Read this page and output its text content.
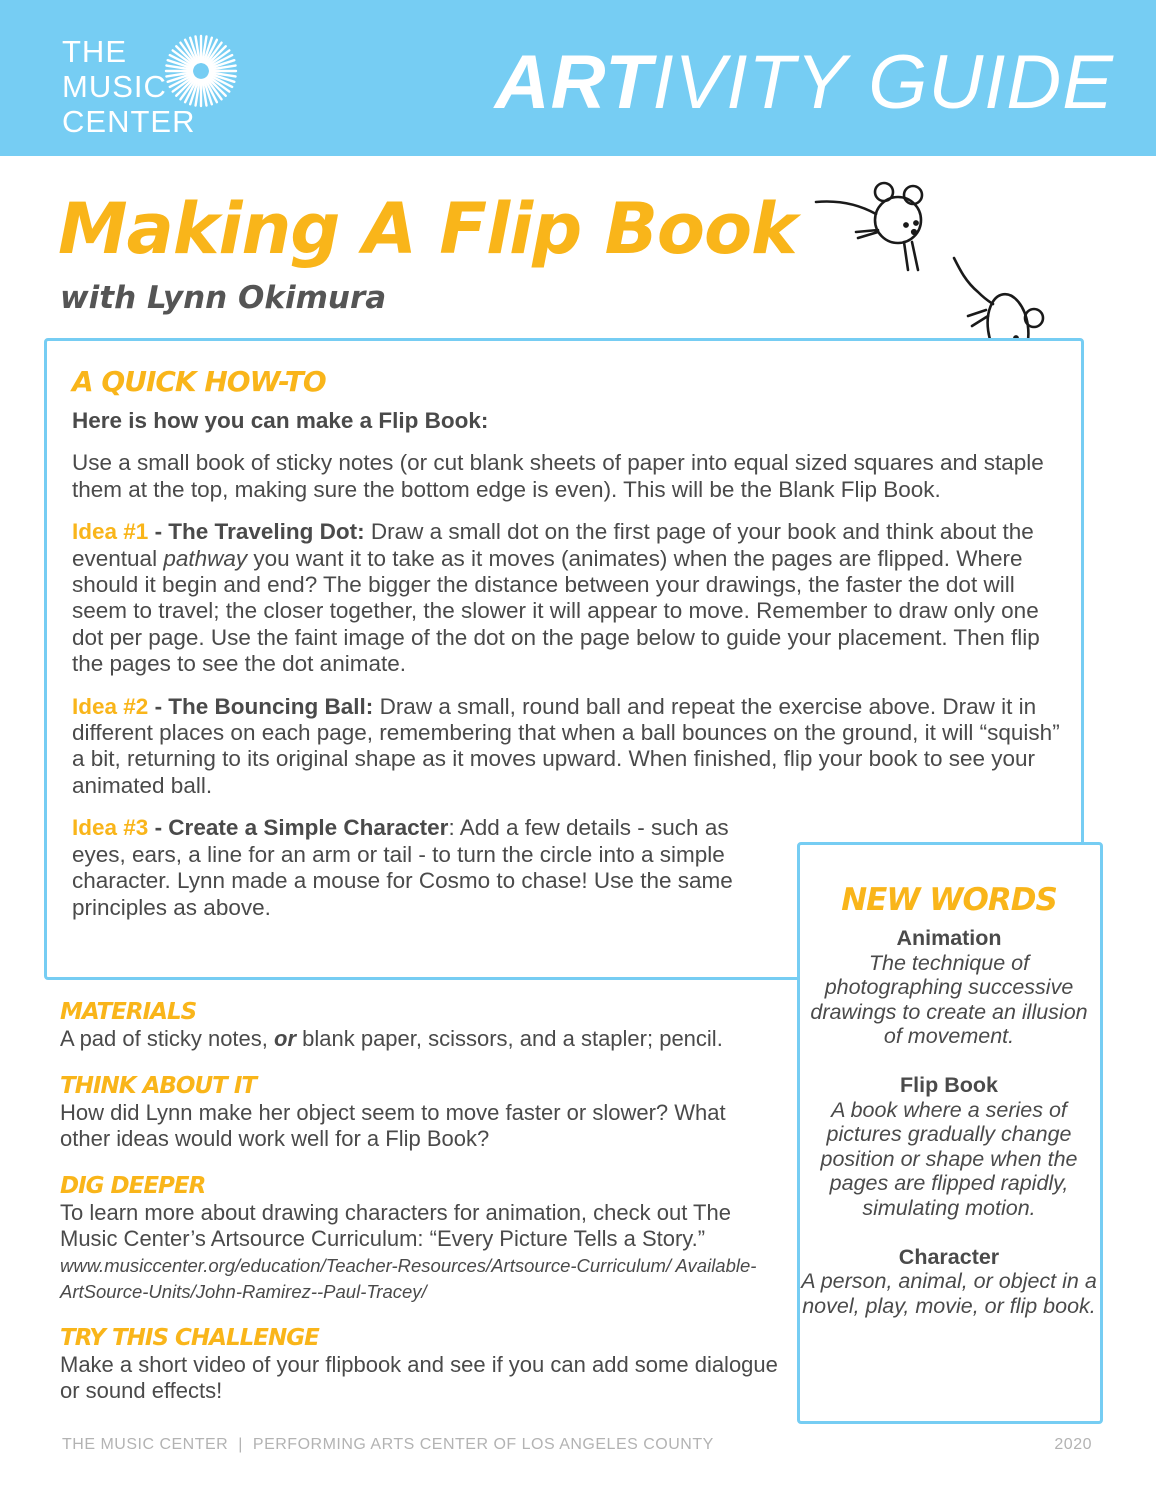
THE
MUSIC
CENTER	ARTIVITY GUIDE
Making A Flip Book
with Lynn Okimura
A QUICK HOW-TO

Here is how you can make a Flip Book:

Use a small book of sticky notes (or cut blank sheets of paper into equal sized squares and staple them at the top, making sure the bottom edge is even). This will be the Blank Flip Book.

Idea #1 - The Traveling Dot: Draw a small dot on the first page of your book and think about the eventual pathway you want it to take as it moves (animates) when the pages are flipped. Where should it begin and end? The bigger the distance between your drawings, the faster the dot will seem to travel; the closer together, the slower it will appear to move. Remember to draw only one dot per page. Use the faint image of the dot on the page below to guide your placement. Then flip the pages to see the dot animate.

Idea #2 - The Bouncing Ball: Draw a small, round ball and repeat the exercise above. Draw it in different places on each page, remembering that when a ball bounces on the ground, it will “squish” a bit, returning to its original shape as it moves upward. When finished, flip your book to see your animated ball.

Idea #3 - Create a Simple Character: Add a few details - such as eyes, ears, a line for an arm or tail - to turn the circle into a simple character. Lynn made a mouse for Cosmo to chase! Use the same principles as above.	NEW WORDS

Animation

The technique of photographing successive drawings to create an illusion of movement.

Flip Book

A book where a series of pictures gradually change position or shape when the pages are flipped rapidly, simulating motion.

Character

A person, animal, or object in a novel, play, movie, or flip book.

MATERIALS

A pad of sticky notes, or blank paper, scissors, and a stapler; pencil.

THINK ABOUT IT

How did Lynn make her object seem to move faster or slower? What other ideas would work well for a Flip Book?

DIG DEEPER

To learn more about drawing characters for animation, check out The Music Center’s Artsource Curriculum: “Every Picture Tells a Story.”
www.musiccenter.org/education/Teacher-Resources/Artsource-Curriculum/ Available-ArtSource-Units/John-Ramirez--Paul-Tracey/

TRY THIS CHALLENGE

Make a short video of your flipbook and see if you can add some dialogue or sound effects!

THE MUSIC CENTER | PERFORMING ARTS CENTER OF LOS ANGELES COUNTY	2020
